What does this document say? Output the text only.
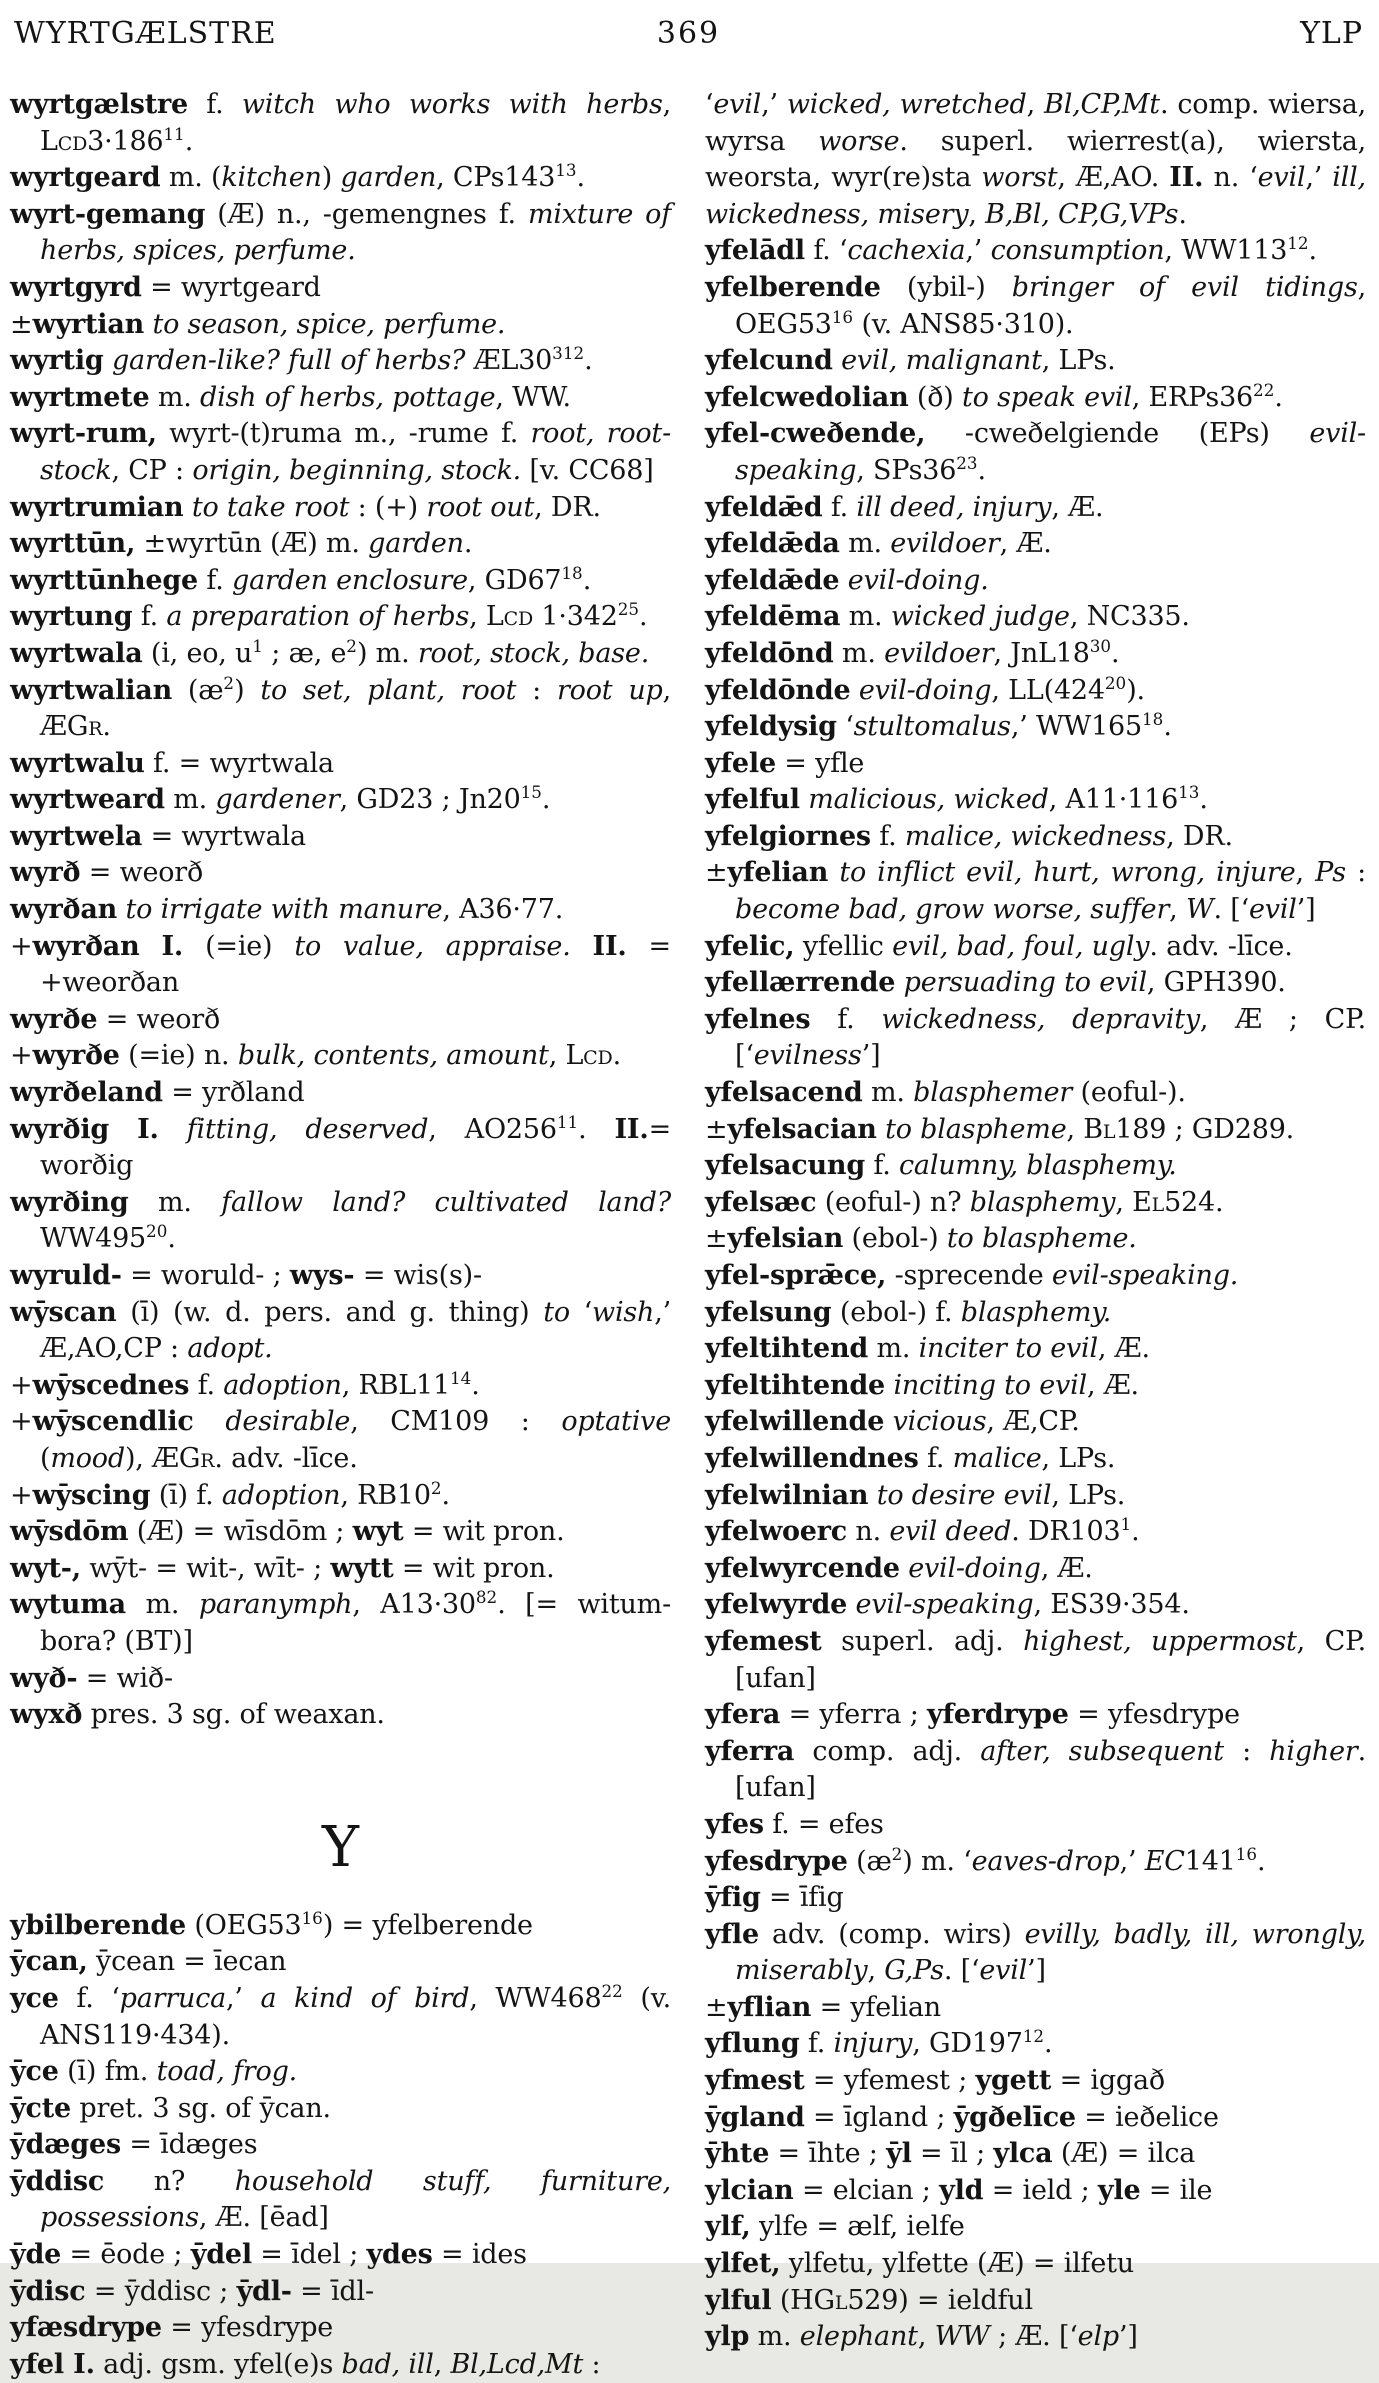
WYRTGÆLSTRE	369	YLP

wyrtgælstre f. witch who works with herbs, $Lcd3\cdot 186^{11}$.

wyrtgeard m. (kitchen) garden, $CPs143^{13}$.

wyrt-gemang (Æ) n., -gemengnes f. mixture of herbs, spices, perfume.

wyrtgyrd = wyrtgeard

±wyrtian to season, spice, perfume.

wyrtig garden-like? full of herbs? $ÆL30^{312}$.

wyrtmete m. dish of herbs, pottage, WW.

wyrt-rum, wyrt-(t)ruma m., -rume f. root, root-stock, CP : origin, beginning, stock. [v. CC68]

wyrtrumian to take root : (+) root out, DR.

wyrttūn, ±wyrtūn (Æ) m. garden.

wyrttūnhege f. garden enclosure, $GD67^{18}$.

wyrtung f. a preparation of herbs, Lcd $1\cdot 342^{25}$.

wyrtwala (i, eo, $u^1$ ; æ, $e^2$) m. root, stock, base.

wyrtwalian $(æ^2)$ to set, plant, root : root up, ÆGr.

wyrtwalu f. = wyrtwala

wyrtweard m. gardener, GD23 ; $Jn20^{15}$.

wyrtwela = wyrtwala

wyrð = weorð

wyrðan to irrigate with manure, A36·77.

+wyrðan I. (=ie) to value, appraise. II. = +weorðan

wyrðe = weorð

+wyrðe (=ie) n. bulk, contents, amount, Lcd.

wyrðeland = yrðland

wyrðig I. fitting, deserved, $AO256^{11}$. II.= worðig

wyrðing m. fallow land? cultivated land? $WW495^{20}$.

wyruld- = woruld- ; wys- = wis(s)-

wȳscan (ī) (w. d. pers. and g. thing) to ‘wish,’ Æ,AO,CP : adopt.

+wȳscednes f. adoption, $RBL11^{14}$.

+wȳscendlic desirable, CM109 : optative (mood), ÆGr. adv. -līce.

+wȳscing (ī) f. adoption, $RB10^2$.

wȳsdōm (Æ) = wīsdōm ; wyt = wit pron.

wyt-, wȳt- = wit-, wīt- ; wytt = wit pron.

wytuma m. paranymph, $A13\cdot 30^{82}$. [= witum-bora? (BT)]

wyð- = wið-

wyxð pres. 3 sg. of weaxan.

Y

ybilberende $(OEG53^{16})$ = yfelberende

ȳcan, ȳcean = īecan

yce f. ‘parruca,’ a kind of bird, $WW468^{22}$ (v. ANS119·434).

ȳce (ī) fm. toad, frog.

ȳcte pret. 3 sg. of ȳcan.

ȳdæges = īdæges

ȳddisc n? household stuff, furniture, possessions, Æ. [ēad]

ȳde = ēode ; ȳdel = īdel ; ydes = ides

ȳdisc = ȳddisc ; ȳdl- = īdl-

yfæsdrype = yfesdrype

yfel I. adj. gsm. yfel(e)s bad, ill, Bl,Lcd,Mt :

‘evil,’ wicked, wretched, Bl,CP,Mt. comp. wiersa, wyrsa worse. superl. wierrest(a), wiersta, weorsta, wyr(re)sta worst, Æ,AO. II. n. ‘evil,’ ill, wickedness, misery, B,Bl, CP,G,VPs.

yfelādl f. ‘cachexia,’ consumption, $WW113^{12}$.

yfelberende (ybil-) bringer of evil tidings, $OEG53^{16}$ (v. ANS85·310).

yfelcund evil, malignant, LPs.

yfelcwedolian (ð) to speak evil, $ERPs36^{22}$.

yfel-cweðende, -cweðelgiende (EPs) evil-speaking, $SPs36^{23}$.

yfeldǣd f. ill deed, injury, Æ.

yfeldǣda m. evildoer, Æ.

yfeldǣde evil-doing.

yfeldēma m. wicked judge, NC335.

yfeldōnd m. evildoer, $JnL18^{30}$.

yfeldōnde evil-doing, $LL(424^{20})$.

yfeldysig ‘stultomalus,’ $WW165^{18}$.

yfele = yfle

yfelful malicious, wicked, $A11\cdot 116^{13}$.

yfelgiornes f. malice, wickedness, DR.

±yfelian to inflict evil, hurt, wrong, injure, Ps : become bad, grow worse, suffer, W. [‘evil’]

yfelic, yfellic evil, bad, foul, ugly. adv. -līce.

yfellærrende persuading to evil, GPH390.

yfelnes f. wickedness, depravity, Æ ; CP. [‘evilness’]

yfelsacend m. blasphemer (eoful-).

±yfelsacian to blaspheme, Bl189 ; GD289.

yfelsacung f. calumny, blasphemy.

yfelsæc (eoful-) n? blasphemy, El524.

±yfelsian (ebol-) to blaspheme.

yfel-sprǣce, -sprecende evil-speaking.

yfelsung (ebol-) f. blasphemy.

yfeltihtend m. inciter to evil, Æ.

yfeltihtende inciting to evil, Æ.

yfelwillende vicious, Æ,CP.

yfelwillendnes f. malice, LPs.

yfelwilnian to desire evil, LPs.

yfelwoerc n. evil deed. $DR103^1$.

yfelwyrcende evil-doing, Æ.

yfelwyrde evil-speaking, ES39·354.

yfemest superl. adj. highest, uppermost, CP. [ufan]

yfera = yferra ; yferdrype = yfesdrype

yferra comp. adj. after, subsequent : higher. [ufan]

yfes f. = efes

yfesdrype $(æ^2)$ m. ‘eaves-drop,’ $EC141^{16}$.

ȳfig = īfig

yfle adv. (comp. wirs) evilly, badly, ill, wrongly, miserably, G,Ps. [‘evil’]

±yflian = yfelian

yflung f. injury, $GD197^{12}$.

yfmest = yfemest ; ygett = iggað

ȳgland = īgland ; ȳgðelīce = ieðelice

ȳhte = īhte ; ȳl = īl ; ylca (Æ) = ilca

ylcian = elcian ; yld = ield ; yle = ile

ylf, ylfe = ælf, ielfe

ylfet, ylfetu, ylfette (Æ) = ilfetu

ylful (HGl529) = ieldful

ylp m. elephant, WW ; Æ. [‘elp’]
